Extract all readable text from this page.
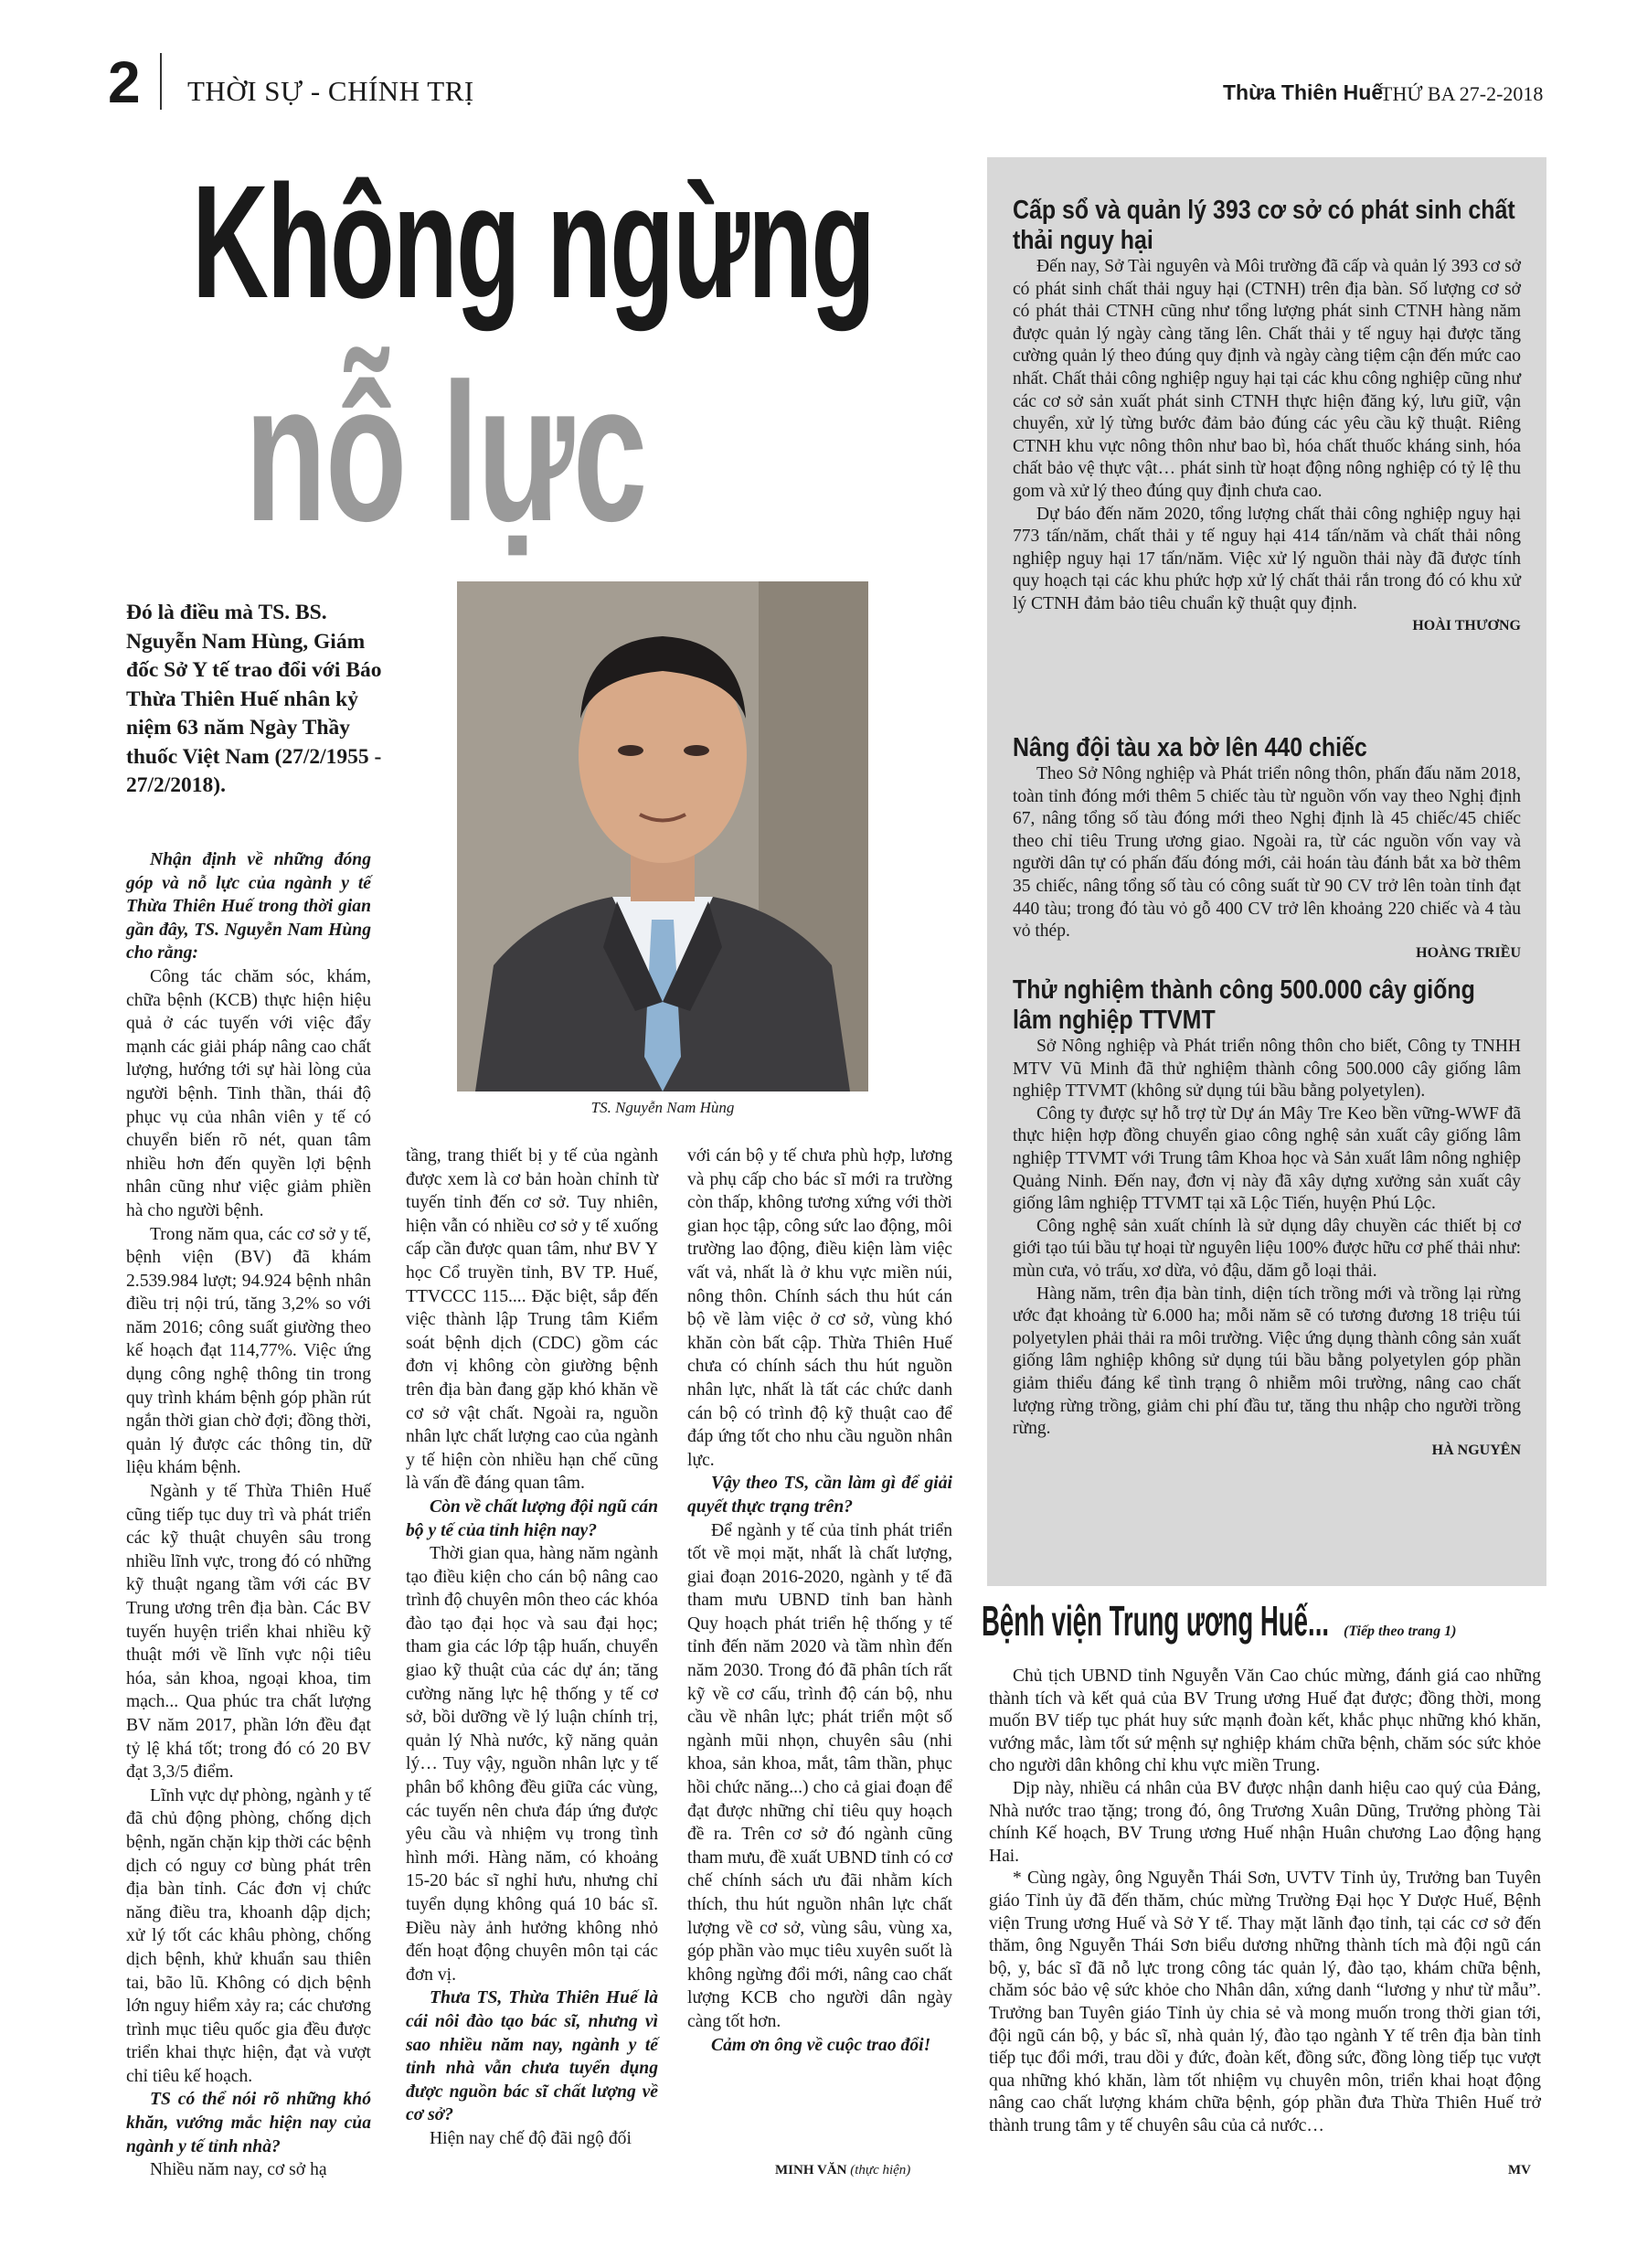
2 THỜI SỰ - CHÍNH TRỊ	Thừa Thiên Huế
THỨ BA 27-2-2018
Không ngừng
nỗ lực
Đó là điều mà TS. BS. Nguyễn Nam Hùng, Giám đốc Sở Y tế trao đổi với Báo Thừa Thiên Huế nhân kỷ niệm 63 năm Ngày Thầy thuốc Việt Nam (27/2/1955 - 27/2/2018).
TS. Nguyễn Nam Hùng

Nhận định về những đóng góp và nỗ lực của ngành y tế Thừa Thiên Huế trong thời gian gần đây, TS. Nguyễn Nam Hùng cho rằng:

Công tác chăm sóc, khám, chữa bệnh (KCB) thực hiện hiệu quả ở các tuyến với việc đẩy mạnh các giải pháp nâng cao chất lượng, hướng tới sự hài lòng của người bệnh. Tinh thần, thái độ phục vụ của nhân viên y tế có chuyển biến rõ nét, quan tâm nhiều hơn đến quyền lợi bệnh nhân cũng như việc giảm phiền hà cho người bệnh.

Trong năm qua, các cơ sở y tế, bệnh viện (BV) đã khám 2.539.984 lượt; 94.924 bệnh nhân điều trị nội trú, tăng 3,2% so với năm 2016; công suất giường theo kế hoạch đạt 114,77%. Việc ứng dụng công nghệ thông tin trong quy trình khám bệnh góp phần rút ngắn thời gian chờ đợi; đồng thời, quản lý được các thông tin, dữ liệu khám bệnh.

Ngành y tế Thừa Thiên Huế cũng tiếp tục duy trì và phát triển các kỹ thuật chuyên sâu trong nhiều lĩnh vực, trong đó có những kỹ thuật ngang tầm với các BV Trung ương trên địa bàn. Các BV tuyến huyện triển khai nhiều kỹ thuật mới về lĩnh vực nội tiêu hóa, sản khoa, ngoại khoa, tim mạch... Qua phúc tra chất lượng BV năm 2017, phần lớn đều đạt tỷ lệ khá tốt; trong đó có 20 BV đạt 3,3/5 điểm.

Lĩnh vực dự phòng, ngành y tế đã chủ động phòng, chống dịch bệnh, ngăn chặn kịp thời các bệnh dịch có nguy cơ bùng phát trên địa bàn tỉnh. Các đơn vị chức năng điều tra, khoanh dập dịch; xử lý tốt các khâu phòng, chống dịch bệnh, khử khuẩn sau thiên tai, bão lũ. Không có dịch bệnh lớn nguy hiểm xảy ra; các chương trình mục tiêu quốc gia đều được triển khai thực hiện, đạt và vượt chỉ tiêu kế hoạch.

TS có thể nói rõ những khó khăn, vướng mắc hiện nay của ngành y tế tỉnh nhà?

Nhiều năm nay, cơ sở hạ

tầng, trang thiết bị y tế của ngành được xem là cơ bản hoàn chỉnh từ tuyến tỉnh đến cơ sở. Tuy nhiên, hiện vẫn có nhiều cơ sở y tế xuống cấp cần được quan tâm, như BV Y học Cổ truyền tỉnh, BV TP. Huế, TTVCCC 115.... Đặc biệt, sắp đến việc thành lập Trung tâm Kiểm soát bệnh dịch (CDC) gồm các đơn vị không còn giường bệnh trên địa bàn đang gặp khó khăn về cơ sở vật chất. Ngoài ra, nguồn nhân lực chất lượng cao của ngành y tế hiện còn nhiều hạn chế cũng là vấn đề đáng quan tâm.

Còn về chất lượng đội ngũ cán bộ y tế của tỉnh hiện nay?

Thời gian qua, hàng năm ngành tạo điều kiện cho cán bộ nâng cao trình độ chuyên môn theo các khóa đào tạo đại học và sau đại học; tham gia các lớp tập huấn, chuyển giao kỹ thuật của các dự án; tăng cường năng lực hệ thống y tế cơ sở, bồi dưỡng về lý luận chính trị, quản lý Nhà nước, kỹ năng quản lý… Tuy vậy, nguồn nhân lực y tế phân bổ không đều giữa các vùng, các tuyến nên chưa đáp ứng được yêu cầu và nhiệm vụ trong tình hình mới. Hàng năm, có khoảng 15-20 bác sĩ nghỉ hưu, nhưng chỉ tuyển dụng không quá 10 bác sĩ. Điều này ảnh hưởng không nhỏ đến hoạt động chuyên môn tại các đơn vị.

Thưa TS, Thừa Thiên Huế là cái nôi đào tạo bác sĩ, nhưng vì sao nhiều năm nay, ngành y tế tỉnh nhà vẫn chưa tuyển dụng được nguồn bác sĩ chất lượng về cơ sở?

Hiện nay chế độ đãi ngộ đối

với cán bộ y tế chưa phù hợp, lương và phụ cấp cho bác sĩ mới ra trường còn thấp, không tương xứng với thời gian học tập, công sức lao động, môi trường lao động, điều kiện làm việc vất vả, nhất là ở khu vực miền núi, nông thôn. Chính sách thu hút cán bộ về làm việc ở cơ sở, vùng khó khăn còn bất cập. Thừa Thiên Huế chưa có chính sách thu hút nguồn nhân lực, nhất là tất các chức danh cán bộ có trình độ kỹ thuật cao để đáp ứng tốt cho nhu cầu nguồn nhân lực.

Vậy theo TS, cần làm gì để giải quyết thực trạng trên?

Để ngành y tế của tỉnh phát triển tốt về mọi mặt, nhất là chất lượng, giai đoạn 2016-2020, ngành y tế đã tham mưu UBND tỉnh ban hành Quy hoạch phát triển hệ thống y tế tỉnh đến năm 2020 và tầm nhìn đến năm 2030. Trong đó đã phân tích rất kỹ về cơ cấu, trình độ cán bộ, nhu cầu về nhân lực; phát triển một số ngành mũi nhọn, chuyên sâu (nhi khoa, sản khoa, mắt, tâm thần, phục hồi chức năng...) cho cả giai đoạn để đạt được những chỉ tiêu quy hoạch đề ra. Trên cơ sở đó ngành cũng tham mưu, đề xuất UBND tỉnh có cơ chế chính sách ưu đãi nhằm kích thích, thu hút nguồn nhân lực chất lượng về cơ sở, vùng sâu, vùng xa, góp phần vào mục tiêu xuyên suốt là không ngừng đổi mới, nâng cao chất lượng KCB cho người dân ngày càng tốt hơn.

Cảm ơn ông về cuộc trao đổi!

MINH VĂN (thực hiện)
Cấp sổ và quản lý 393 cơ sở có phát sinh chất thải nguy hại

Đến nay, Sở Tài nguyên và Môi trường đã cấp và quản lý 393 cơ sở có phát sinh chất thải nguy hại (CTNH) trên địa bàn. Số lượng cơ sở có phát thải CTNH cũng như tổng lượng phát sinh CTNH hàng năm được quản lý ngày càng tăng lên. Chất thải y tế nguy hại được tăng cường quản lý theo đúng quy định và ngày càng tiệm cận đến mức cao nhất. Chất thải công nghiệp nguy hại tại các khu công nghiệp cũng như các cơ sở sản xuất phát sinh CTNH thực hiện đăng ký, lưu giữ, vận chuyển, xử lý từng bước đảm bảo đúng các yêu cầu kỹ thuật. Riêng CTNH khu vực nông thôn như bao bì, hóa chất thuốc kháng sinh, hóa chất bảo vệ thực vật… phát sinh từ hoạt động nông nghiệp có tỷ lệ thu gom và xử lý theo đúng quy định chưa cao.

Dự báo đến năm 2020, tổng lượng chất thải công nghiệp nguy hại 773 tấn/năm, chất thải y tế nguy hại 414 tấn/năm và chất thải nông nghiệp nguy hại 17 tấn/năm. Việc xử lý nguồn thải này đã được tính quy hoạch tại các khu phức hợp xử lý chất thải rắn trong đó có khu xử lý CTNH đảm bảo tiêu chuẩn kỹ thuật quy định.

HOÀI THƯƠNG
Nâng đội tàu xa bờ lên 440 chiếc

Theo Sở Nông nghiệp và Phát triển nông thôn, phấn đấu năm 2018, toàn tỉnh đóng mới thêm 5 chiếc tàu từ nguồn vốn vay theo Nghị định 67, nâng tổng số tàu đóng mới theo Nghị định là 45 chiếc/45 chiếc theo chỉ tiêu Trung ương giao. Ngoài ra, từ các nguồn vốn vay và người dân tự có phấn đấu đóng mới, cải hoán tàu đánh bắt xa bờ thêm 35 chiếc, nâng tổng số tàu có công suất từ 90 CV trở lên toàn tỉnh đạt 440 tàu; trong đó tàu vỏ gỗ 400 CV trở lên khoảng 220 chiếc và 4 tàu vỏ thép.

HOÀNG TRIỀU
Thử nghiệm thành công 500.000 cây giống lâm nghiệp TTVMT

Sở Nông nghiệp và Phát triển nông thôn cho biết, Công ty TNHH MTV Vũ Minh đã thử nghiệm thành công 500.000 cây giống lâm nghiệp TTVMT (không sử dụng túi bầu bằng polyetylen).

Công ty được sự hỗ trợ từ Dự án Mây Tre Keo bền vững-WWF đã thực hiện hợp đồng chuyển giao công nghệ sản xuất cây giống lâm nghiệp TTVMT với Trung tâm Khoa học và Sản xuất lâm nông nghiệp Quảng Ninh. Đến nay, đơn vị này đã xây dựng xưởng sản xuất cây giống lâm nghiệp TTVMT tại xã Lộc Tiến, huyện Phú Lộc.

Công nghệ sản xuất chính là sử dụng dây chuyền các thiết bị cơ giới tạo túi bầu tự hoại từ nguyên liệu 100% được hữu cơ phế thải như: mùn cưa, vỏ trấu, xơ dừa, vỏ đậu, dăm gỗ loại thải.

Hàng năm, trên địa bàn tỉnh, diện tích trồng mới và trồng lại rừng ước đạt khoảng từ 6.000 ha; mỗi năm sẽ có tương đương 18 triệu túi polyetylen phải thải ra môi trường. Việc ứng dụng thành công sản xuất giống lâm nghiệp không sử dụng túi bầu bằng polyetylen góp phần giảm thiểu đáng kể tình trạng ô nhiễm môi trường, nâng cao chất lượng rừng trồng, giảm chi phí đầu tư, tăng thu nhập cho người trồng rừng.

HÀ NGUYÊN
Bệnh viện Trung ương Huế... (Tiếp theo trang 1)

Chủ tịch UBND tỉnh Nguyễn Văn Cao chúc mừng, đánh giá cao những thành tích và kết quả của BV Trung ương Huế đạt được; đồng thời, mong muốn BV tiếp tục phát huy sức mạnh đoàn kết, khắc phục những khó khăn, vướng mắc, làm tốt sứ mệnh sự nghiệp khám chữa bệnh, chăm sóc sức khỏe cho người dân không chỉ khu vực miền Trung.

Dịp này, nhiều cá nhân của BV được nhận danh hiệu cao quý của Đảng, Nhà nước trao tặng; trong đó, ông Trương Xuân Dũng, Trưởng phòng Tài chính Kế hoạch, BV Trung ương Huế nhận Huân chương Lao động hạng Hai.

* Cùng ngày, ông Nguyễn Thái Sơn, UVTV Tỉnh ủy, Trưởng ban Tuyên giáo Tỉnh ủy đã đến thăm, chúc mừng Trường Đại học Y Dược Huế, Bệnh viện Trung ương Huế và Sở Y tế. Thay mặt lãnh đạo tỉnh, tại các cơ sở đến thăm, ông Nguyễn Thái Sơn biểu dương những thành tích mà đội ngũ cán bộ, y, bác sĩ đã nỗ lực trong công tác quản lý, đào tạo, khám chữa bệnh, chăm sóc bảo vệ sức khỏe cho Nhân dân, xứng danh “lương y như từ mẫu”. Trưởng ban Tuyên giáo Tỉnh ủy chia sẻ và mong muốn trong thời gian tới, đội ngũ cán bộ, y bác sĩ, nhà quản lý, đào tạo ngành Y tế trên địa bàn tỉnh tiếp tục đổi mới, trau dồi y đức, đoàn kết, đồng sức, đồng lòng tiếp tục vượt qua những khó khăn, làm tốt nhiệm vụ chuyên môn, triển khai hoạt động nâng cao chất lượng khám chữa bệnh, góp phần đưa Thừa Thiên Huế trở thành trung tâm y tế chuyên sâu của cả nước…

MV
